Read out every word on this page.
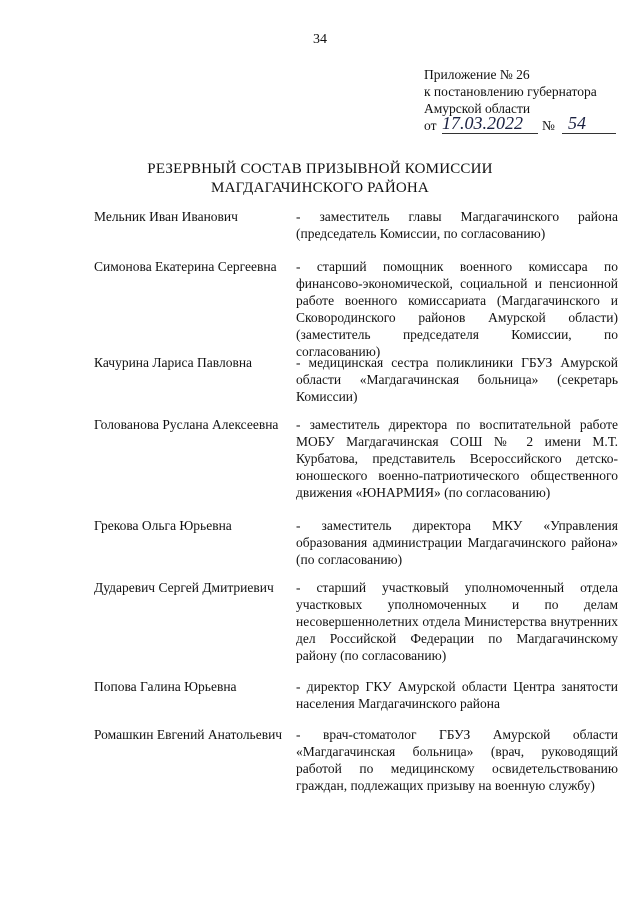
34
Приложение № 26
к постановлению губернатора
Амурской области
от 17.03.2022	№ 54
РЕЗЕРВНЫЙ СОСТАВ ПРИЗЫВНОЙ КОМИССИИ
МАГДАГАЧИНСКОГО РАЙОНА
Мельник Иван Иванович	- заместитель главы Магдагачинского района (председатель Комиссии, по согласованию)
Симонова Екатерина Сергеевна	- старший помощник военного комиссара по финансово-экономической, социальной и пенсионной работе военного комиссариата (Магдагачинского и Сковородинского районов Амурской области) (заместитель председателя Комиссии, по согласованию)
Качурина Лариса Павловна	- медицинская сестра поликлиники ГБУЗ Амурской области «Магдагачинская больница» (секретарь Комиссии)
Голованова Руслана Алексеевна	- заместитель директора по воспитательной работе МОБУ Магдагачинская СОШ № 2 имени М.Т. Курбатова, представитель Всероссийского детско-юношеского военно-патриотического общественного движения «ЮНАРМИЯ» (по согласованию)
Грекова Ольга Юрьевна	- заместитель директора МКУ «Управления образования администрации Магдагачинского района» (по согласованию)
Дударевич Сергей Дмитриевич	- старший участковый уполномоченный отдела участковых уполномоченных и по делам несовершеннолетних отдела Министерства внутренних дел Российской Федерации по Магдагачинскому району (по согласованию)
Попова Галина Юрьевна	- директор ГКУ Амурской области Центра занятости населения Магдагачинского района
Ромашкин Евгений Анатольевич - врач-стоматолог ГБУЗ Амурской области «Магдагачинская больница» (врач, руководящий работой по медицинскому освидетельствованию граждан, подлежащих призыву на военную службу)
